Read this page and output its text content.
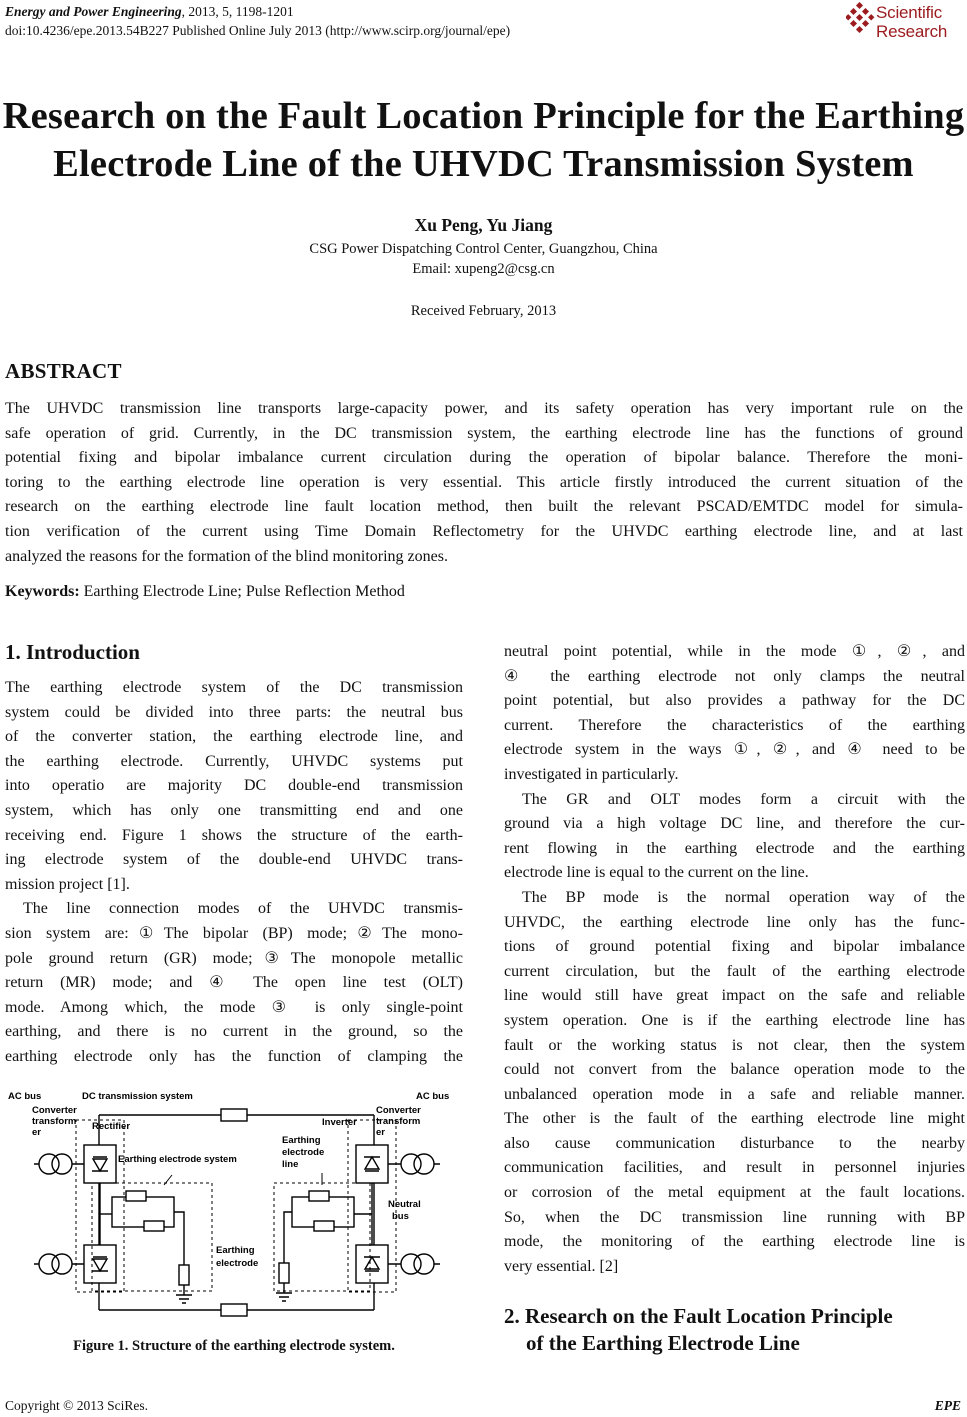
Energy and Power Engineering, 2013, 5, 1198-1201
doi:10.4236/epe.2013.54B227 Published Online July 2013 (http://www.scirp.org/journal/epe)
Scientific
Research
Research on the Fault Location Principle for the Earthing
Electrode Line of the UHVDC Transmission System
Xu Peng, Yu Jiang
CSG Power Dispatching Control Center, Guangzhou, China
Email: xupeng2@csg.cn
Received February, 2013
ABSTRACT

The UHVDC transmission line transports large-capacity power, and its safety operation has very important rule on the

safe operation of grid. Currently, in the DC transmission system, the earthing electrode line has the functions of ground

potential fixing and bipolar imbalance current circulation during the operation of bipolar balance. Therefore the moni-

toring to the earthing electrode line operation is very essential. This article firstly introduced the current situation of the

research on the earthing electrode line fault location method, then built the relevant PSCAD/EMTDC model for simula-

tion verification of the current using Time Domain Reflectometry for the UHVDC earthing electrode line, and at last

analyzed the reasons for the formation of the blind monitoring zones.

Keywords: Earthing Electrode Line; Pulse Reflection Method
1. Introduction

The earthing electrode system of the DC transmission

system could be divided into three parts: the neutral bus

of the converter station, the earthing electrode line, and

the earthing electrode. Currently, UHVDC systems put

into operatio are majority DC double-end transmission

system, which has only one transmitting end and one

receiving end. Figure 1 shows the structure of the earth-

ing electrode system of the double-end UHVDC trans-

mission project [1].

The line connection modes of the UHVDC transmis-

sion system are:①The bipolar (BP) mode;②The mono-

pole ground return (GR) mode;③The monopole metallic

return (MR) mode; and ④ The open line test (OLT)

mode. Among which, the mode ③ is only single-point

earthing, and there is no current in the ground, so the

earthing electrode only has the function of clamping the

neutral point potential, while in the mode ①, ②, and

④ the earthing electrode not only clamps the neutral

point potential, but also provides a pathway for the DC

current. Therefore the characteristics of the earthing

electrode system in the ways ①, ②, and ④ need to be

investigated in particularly.

The GR and OLT modes form a circuit with the

ground via a high voltage DC line, and therefore the cur-

rent flowing in the earthing electrode and the earthing

electrode line is equal to the current on the line.

The BP mode is the normal operation way of the

UHVDC, the earthing electrode line only has the func-

tions of ground potential fixing and bipolar imbalance

current circulation, but the fault of the earthing electrode

line would still have great impact on the safe and reliable

system operation. One is if the earthing electrode line has

fault or the working status is not clear, then the system

could not convert from the balance operation mode to the

unbalanced operation mode in a safe and reliable manner.

The other is the fault of the earthing electrode line might

also cause communication disturbance to the nearby

communication facilities, and result in personnel injuries

or corrosion of the metal equipment at the fault locations.

So, when the DC transmission line running with BP

mode, the monitoring of the earthing electrode line is

very essential. [2]

AC bus	DC transmission system	AC bus
Converter
transform
er
Rectifier	Inverter
Converter
transform
er
Earthing electrode system
Earthing
electrode
line
Neutral
bus
Earthing
electrode
Figure 1. Structure of the earthing electrode system.
2. Research on the Fault Location Principle
of the Earthing Electrode Line
Copyright © 2013 SciRes.	EPE
